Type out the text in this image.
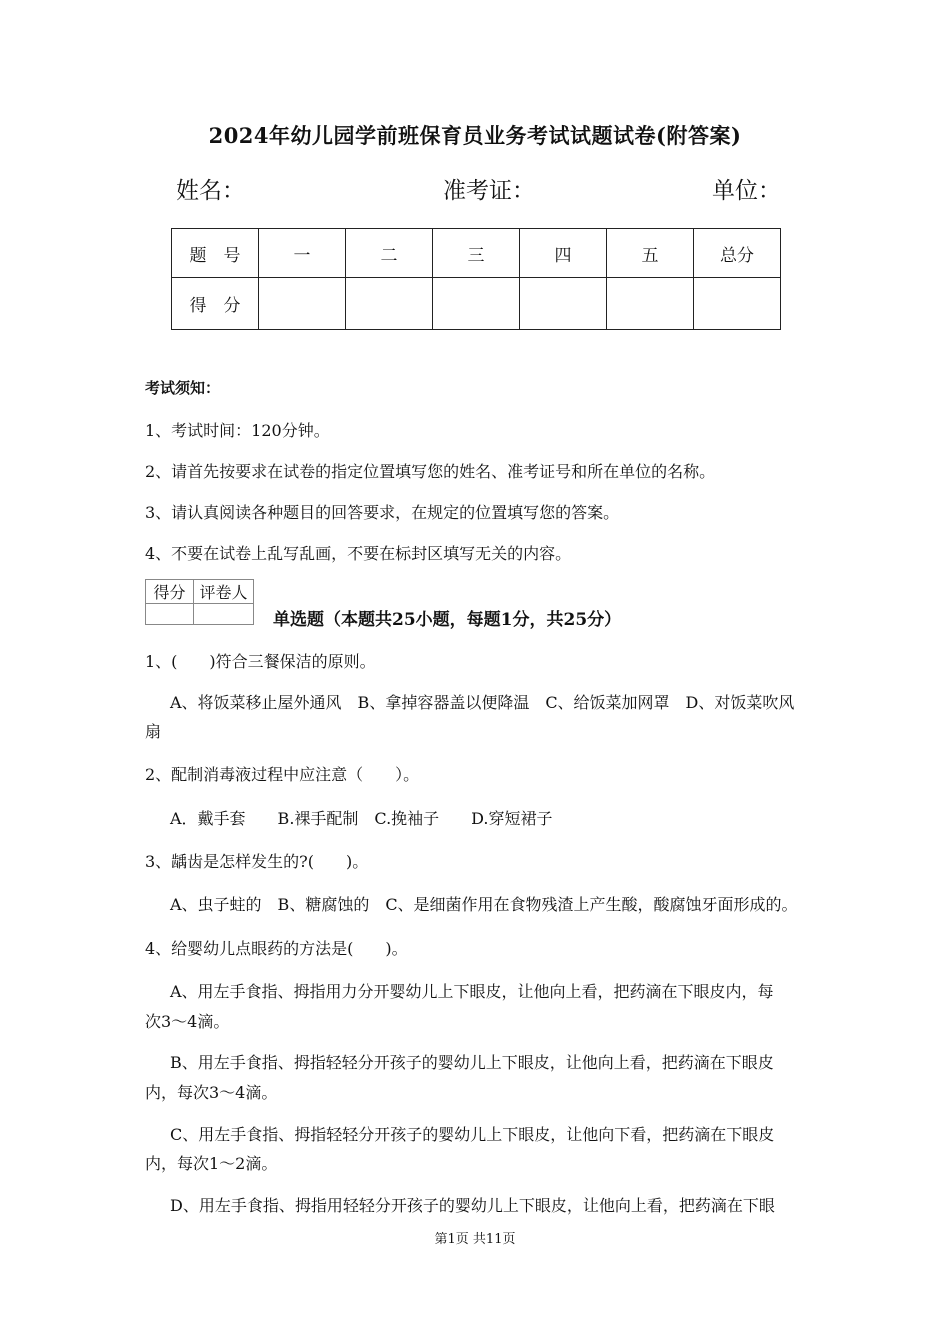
2024年幼儿园学前班保育员业务考试试题试卷(附答案)
姓名：	准考证：	单位：
题　号	一	二	三	四	五	总分
得　分						
考试须知：
1、考试时间：120分钟。
2、请首先按要求在试卷的指定位置填写您的姓名、准考证号和所在单位的名称。
3、请认真阅读各种题目的回答要求，在规定的位置填写您的答案。
4、不要在试卷上乱写乱画，不要在标封区填写无关的内容。
得分	评卷人

单选题（本题共25小题，每题1分，共25分）
1、(　　)符合三餐保洁的原则。
A、将饭菜移止屋外通风　B、拿掉容器盖以便降温　C、给饭菜加网罩　D、对饭菜吹风
扇
2、配制消毒液过程中应注意（　　）。
A．戴手套　　B.裸手配制　C.挽袖子　　D.穿短裙子
3、龋齿是怎样发生的?(　　)。
A、虫子蛀的　B、糖腐蚀的　C、是细菌作用在食物残渣上产生酸，酸腐蚀牙面形成的。
4、给婴幼儿点眼药的方法是(　　)。
A、用左手食指、拇指用力分开婴幼儿上下眼皮，让他向上看，把药滴在下眼皮内，每
次3～4滴。
B、用左手食指、拇指轻轻分开孩子的婴幼儿上下眼皮，让他向上看，把药滴在下眼皮
内，每次3～4滴。
C、用左手食指、拇指轻轻分开孩子的婴幼儿上下眼皮，让他向下看，把药滴在下眼皮
内，每次1～2滴。
D、用左手食指、拇指用轻轻分开孩子的婴幼儿上下眼皮，让他向上看，把药滴在下眼
第1页 共11页
